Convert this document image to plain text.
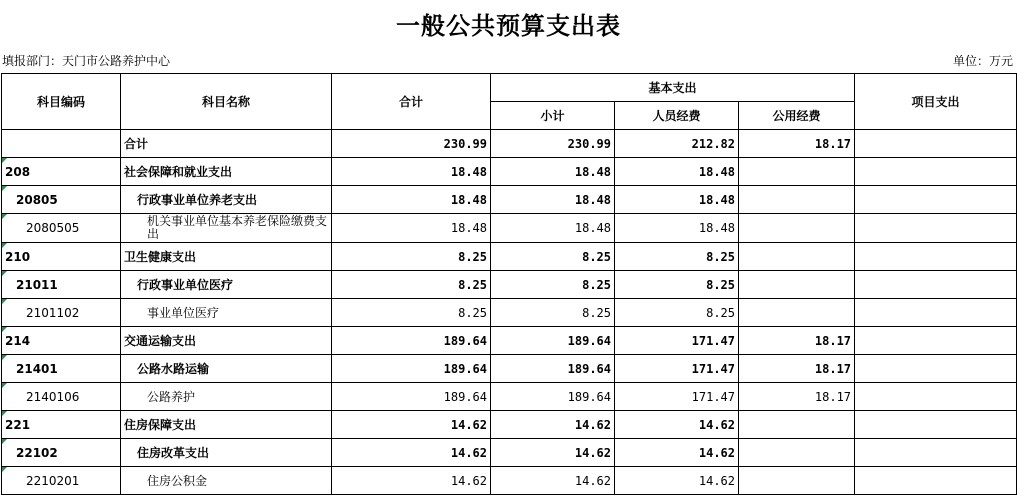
一般公共预算支出表
填报部门：天门市公路养护中心	单位：万元
科目编码	科目名称	合计	基本支出			项目支出
			小计	人员经费	公用经费	
	合计	230.99	230.99	212.82	18.17	

208	社会保障和就业支出	18.48	18.48	18.48		

20805	行政事业单位养老支出	18.48	18.48	18.48		

2080505	机关事业单位基本养老保险缴费支出	18.48	18.48	18.48		

210	卫生健康支出	8.25	8.25	8.25		

21011	行政事业单位医疗	8.25	8.25	8.25		

2101102	事业单位医疗	8.25	8.25	8.25		

214	交通运输支出	189.64	189.64	171.47	18.17	

21401	公路水路运输	189.64	189.64	171.47	18.17	

2140106	公路养护	189.64	189.64	171.47	18.17	

221	住房保障支出	14.62	14.62	14.62		

22102	住房改革支出	14.62	14.62	14.62		

2210201	住房公积金	14.62	14.62	14.62		
